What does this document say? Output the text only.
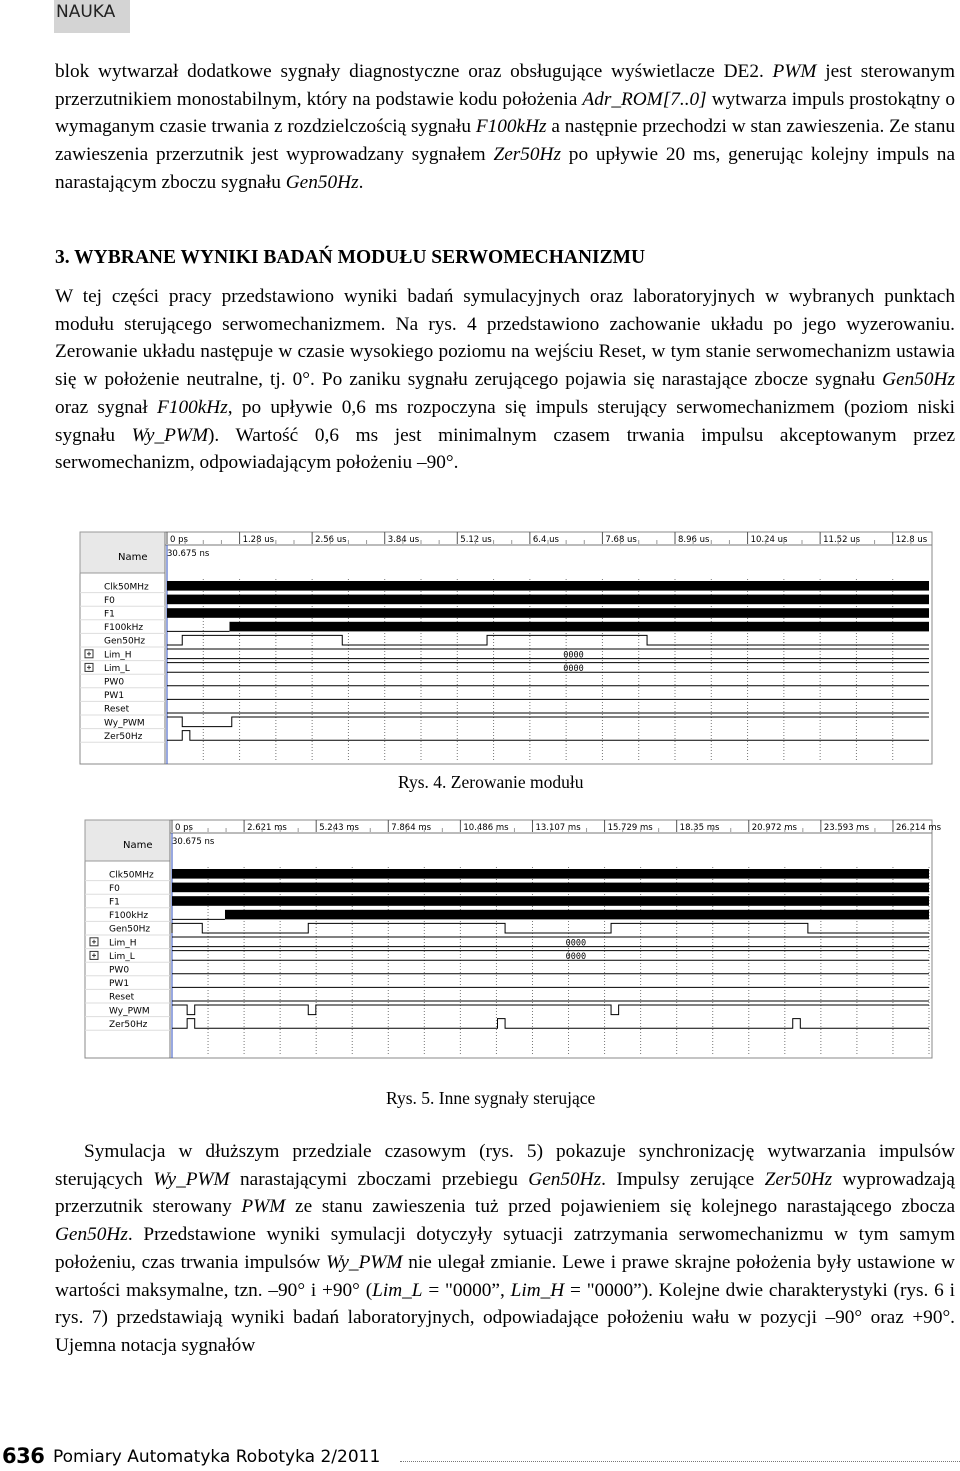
NAUKA

blok wytwarzał dodatkowe sygnały diagnostyczne oraz obsługujące wyświetlacze DE2. PWM jest sterowanym przerzutnikiem monostabilnym, który na podstawie kodu położenia Adr_ROM[7..0] wytwarza impuls prostokątny o wymaganym czasie trwania z rozdzielczością sygnału F100kHz a następnie przechodzi w stan zawieszenia. Ze stanu zawieszenia przerzutnik jest wyprowadzany sygnałem Zer50Hz po upływie 20 ms, generując kolejny impuls na narastającym zboczu sygnału Gen50Hz.

3. WYBRANE WYNIKI BADAŃ MODUŁU SERWOMECHANIZMU

W tej części pracy przedstawiono wyniki badań symulacyjnych oraz laboratoryjnych w wybranych punktach modułu sterującego serwomechanizmem. Na rys. 4 przedstawiono zachowanie układu po jego wyzerowaniu. Zerowanie układu następuje w czasie wysokiego poziomu na wejściu Reset, w tym stanie serwomechanizm ustawia się w położenie neutralne, tj. 0°. Po zaniku sygnału zerującego pojawia się narastające zbocze sygnału Gen50Hz oraz sygnał F100kHz, po upływie 0,6 ms rozpoczyna się impuls sterujący serwomechanizmem (poziom niski sygnału Wy_PWM). Wartość 0,6 ms jest minimalnym czasem trwania impulsu akceptowanym przez serwomechanizm, odpowiadającym położeniu –90°.

Name
0 ps	1.28 us	2.56 us	3.84 us	5.12 us	6.4 us	7.68 us	8.96 us	10.24 us	11.52 us	12.8 us
30.675 ns
Clk50MHz
F0
F1
F100kHz
Gen50Hz
Lim_H	0000
Lim_L	0000
PW0
PW1
Reset
Wy_PWM
Zer50Hz
Rys. 4. Zerowanie modułu
Name
0 ps	2.621 ms	5.243 ms	7.864 ms	10.486 ms	13.107 ms	15.729 ms	18.35 ms	20.972 ms	23.593 ms	26.214 ms
30.675 ns
Clk50MHz
F0
F1
F100kHz
Gen50Hz
Lim_H	0000
Lim_L	0000
PW0
PW1
Reset
Wy_PWM
Zer50Hz
Rys. 5. Inne sygnały sterujące

Symulacja w dłuższym przedziale czasowym (rys. 5) pokazuje synchronizację wytwarzania impulsów sterujących Wy_PWM narastającymi zboczami przebiegu Gen50Hz. Impulsy zerujące Zer50Hz wyprowadzają przerzutnik sterowany PWM ze stanu zawieszenia tuż przed pojawieniem się kolejnego narastającego zbocza Gen50Hz. Przedstawione wyniki symulacji dotyczyły sytuacji zatrzymania serwomechanizmu w tym samym położeniu, czas trwania impulsów Wy_PWM nie ulegał zmianie. Lewe i prawe skrajne położenia były ustawione w wartości maksymalne, tzn. –90° i +90° (Lim_L = "0000”, Lim_H = "0000”). Kolejne dwie charakterystyki (rys. 6 i rys. 7) przedstawiają wyniki badań laboratoryjnych, odpowiadające położeniu wału w pozycji –90° oraz +90°. Ujemna notacja sygnałów

636 Pomiary Automatyka Robotyka 2/2011
